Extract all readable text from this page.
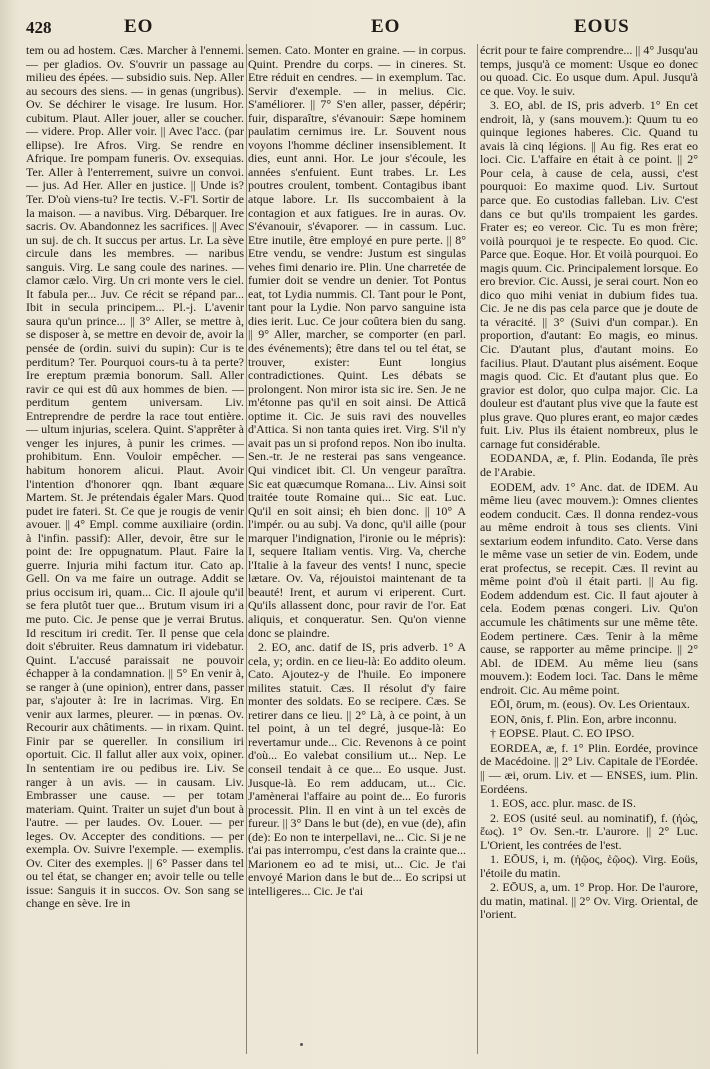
428	EO	EO	EOUS

tem ou ad hostem. Cæs. Marcher à l'ennemi. — per gladios. Ov. S'ouvrir un passage au milieu des épées. — subsidio suis. Nep. Aller au secours des siens. — in genas (ungribus). Ov. Se déchirer le visage. Ire lusum. Hor. cubitum. Plaut. Aller jouer, aller se coucher. — videre. Prop. Aller voir. || Avec l'acc. (par ellipse). Ire Afros. Virg. Se rendre en Afrique. Ire pompam funeris. Ov. exsequias. Ter. Aller à l'enterrement, suivre un convoi. — jus. Ad Her. Aller en justice. || Unde is? Ter. D'où viens-tu? Ire tectis. V.-F'l. Sortir de la maison. — a navibus. Virg. Débarquer. Ire sacris. Ov. Abandonnez les sacrifices. || Avec un suj. de ch. It succus per artus. Lr. La sève circule dans les membres. — naribus sanguis. Virg. Le sang coule des narines. — clamor cælo. Virg. Un cri monte vers le ciel. It fabula per... Juv. Ce récit se répand par... Ibit in secula principem... Pl.-j. L'avenir saura qu'un prince... || 3° Aller, se mettre à, se disposer à, se mettre en devoir de, avoir la pensée de (ordin. suivi du supin): Cur is te perditum? Ter. Pourquoi cours-tu à ta perte? Ire ereptum præmia bonorum. Sall. Aller ravir ce qui est dû aux hommes de bien. — perditum gentem universam. Liv. Entreprendre de perdre la race tout entière. — ultum injurias, scelera. Quint. S'apprêter à venger les injures, à punir les crimes. — prohibitum. Enn. Vouloir empêcher. — habitum honorem alicui. Plaut. Avoir l'intention d'honorer qqn. Ibant æquare Martem. St. Je prétendais égaler Mars. Quod pudet ire fateri. St. Ce que je rougis de venir avouer. || 4° Empl. comme auxiliaire (ordin. à l'infin. passif): Aller, devoir, être sur le point de: Ire oppugnatum. Plaut. Faire la guerre. Injuria mihi factum itur. Cato ap. Gell. On va me faire un outrage. Addit se prius occisum iri, quam... Cic. Il ajoule qu'il se fera plutôt tuer que... Brutum visum iri a me puto. Cic. Je pense que je verrai Brutus. Id rescitum iri credit. Ter. Il pense que cela doit s'ébruiter. Reus damnatum iri videbatur. Quint. L'accusé paraissait ne pouvoir échapper à la condamnation. || 5° En venir à, se ranger à (une opinion), entrer dans, passer par, s'ajouter à: Ire in lacrimas. Virg. En venir aux larmes, pleurer. — in pœnas. Ov. Recourir aux châtiments. — in rixam. Quint. Finir par se quereller. In consilium iri oportuit. Cic. Il fallut aller aux voix, opiner. In sententiam ire ou pedibus ire. Liv. Se ranger à un avis. — in causam. Liv. Embrasser une cause. — per totam materiam. Quint. Traiter un sujet d'un bout à l'autre. — per laudes. Ov. Louer. — per leges. Ov. Accepter des conditions. — per exempla. Ov. Suivre l'exemple. — exemplis. Ov. Citer des exemples. || 6° Passer dans tel ou tel état, se changer en; avoir telle ou telle issue: Sanguis it in succos. Ov. Son sang se change en sève. Ire in

semen. Cato. Monter en graine. — in corpus. Quint. Prendre du corps. — in cineres. St. Etre réduit en cendres. — in exemplum. Tac. Servir d'exemple. — in melius. Cic. S'améliorer. || 7° S'en aller, passer, dépérir; fuir, disparaître, s'évanouir: Sæpe hominem paulatim cernimus ire. Lr. Souvent nous voyons l'homme décliner insensiblement. It dies, eunt anni. Hor. Le jour s'écoule, les années s'enfuient. Eunt trabes. Lr. Les poutres croulent, tombent. Contagibus ibant atque labore. Lr. Ils succombaient à la contagion et aux fatigues. Ire in auras. Ov. S'évanouir, s'évaporer. — in cassum. Luc. Etre inutile, être employé en pure perte. || 8° Etre vendu, se vendre: Justum est singulas vehes fimi denario ire. Plin. Une charretée de fumier doit se vendre un denier. Tot Pontus eat, tot Lydia nummis. Cl. Tant pour le Pont, tant pour la Lydie. Non parvo sanguine ista dies ierit. Luc. Ce jour coûtera bien du sang. || 9° Aller, marcher, se comporter (en parl. des événements); être dans tel ou tel état, se trouver, exister: Eunt longius contradictiones. Quint. Les débats se prolongent. Non miror ista sic ire. Sen. Je ne m'étonne pas qu'il en soit ainsi. De Atticâ optime it. Cic. Je suis ravi des nouvelles d'Attica. Si non tanta quies iret. Virg. S'il n'y avait pas un si profond repos. Non ibo inulta. Sen.-tr. Je ne resterai pas sans vengeance. Qui vindicet ibit. Cl. Un vengeur paraîtra. Sic eat quæcumque Romana... Liv. Ainsi soit traitée toute Romaine qui... Sic eat. Luc. Qu'il en soit ainsi; eh bien donc. || 10° A l'impér. ou au subj. Va donc, qu'il aille (pour marquer l'indignation, l'ironie ou le mépris): I, sequere Italiam ventis. Virg. Va, cherche l'Italie à la faveur des vents! I nunc, specie lætare. Ov. Va, réjouistoi maintenant de ta beauté! Irent, et aurum vi eriperent. Curt. Qu'ils allassent donc, pour ravir de l'or. Eat aliquis, et conqueratur. Sen. Qu'on vienne donc se plaindre.

2. EO, anc. datif de IS, pris adverb. 1° A cela, y; ordin. en ce lieu-là: Eo addito oleum. Cato. Ajoutez-y de l'huile. Eo imponere milites statuit. Cæs. Il résolut d'y faire monter des soldats. Eo se recipere. Cæs. Se retirer dans ce lieu. || 2° Là, à ce point, à un tel point, à un tel degré, jusque-là: Eo revertamur unde... Cic. Revenons à ce point d'où... Eo valebat consilium ut... Nep. Le conseil tendait à ce que... Eo usque. Just. Jusque-là. Eo rem adducam, ut... Cic. J'amènerai l'affaire au point de... Eo furoris processit. Plin. Il en vint à un tel excès de fureur. || 3° Dans le but (de), en vue (de), afin (de): Eo non te interpellavi, ne... Cic. Si je ne t'ai pas interrompu, c'est dans la crainte que... Marionem eo ad te misi, ut... Cic. Je t'ai envoyé Marion dans le but de... Eo scripsi ut intelligeres... Cic. Je t'ai

écrit pour te faire comprendre... || 4° Jusqu'au temps, jusqu'à ce moment: Usque eo donec ou quoad. Cic. Eo usque dum. Apul. Jusqu'à ce que. Voy. le suiv.

3. EO, abl. de IS, pris adverb. 1° En cet endroit, là, y (sans mouvem.): Quum tu eo quinque legiones haberes. Cic. Quand tu avais là cinq légions. || Au fig. Res erat eo loci. Cic. L'affaire en était à ce point. || 2° Pour cela, à cause de cela, aussi, c'est pourquoi: Eo maxime quod. Liv. Surtout parce que. Eo custodias falleban. Liv. C'est dans ce but qu'ils trompaient les gardes. Frater es; eo vereor. Cic. Tu es mon frère; voilà pourquoi je te respecte. Eo quod. Cic. Parce que. Eoque. Hor. Et voilà pourquoi. Eo magis quum. Cic. Principalement lorsque. Eo ero brevior. Cic. Aussi, je serai court. Non eo dico quo mihi veniat in dubium fides tua. Cic. Je ne dis pas cela parce que je doute de ta véracité. || 3° (Suivi d'un compar.). En proportion, d'autant: Eo magis, eo minus. Cic. D'autant plus, d'autant moins. Eo facilius. Plaut. D'autant plus aisément. Eoque magis quod. Cic. Et d'autant plus que. Eo gravior est dolor, quo culpa major. Cic. La douleur est d'autant plus vive que la faute est plus grave. Quo plures erant, eo major cædes fuit. Liv. Plus ils étaient nombreux, plus le carnage fut considérable.

EODANDA, æ, f. Plin. Eodanda, île près de l'Arabie.

EODEM, adv. 1° Anc. dat. de IDEM. Au même lieu (avec mouvem.): Omnes clientes eodem conducit. Cæs. Il donna rendez-vous au même endroit à tous ses clients. Vini sextarium eodem infundito. Cato. Verse dans le même vase un setier de vin. Eodem, unde erat profectus, se recepit. Cæs. Il revint au même point d'où il était parti. || Au fig. Eodem addendum est. Cic. Il faut ajouter à cela. Eodem pœnas congeri. Liv. Qu'on accumule les châtiments sur une même tête. Eodem pertinere. Cæs. Tenir à la même cause, se rapporter au même principe. || 2° Abl. de IDEM. Au même lieu (sans mouvem.): Eodem loci. Tac. Dans le même endroit. Cic. Au même point.

EŌI, ōrum, m. (eous). Ov. Les Orientaux.

EON, ōnis, f. Plin. Eon, arbre inconnu.

† EOPSE. Plaut. C. EO IPSO.

EORDEA, æ, f. 1° Plin. Eordée, province de Macédoine. || 2° Liv. Capitale de l'Eordée. || — æi, orum. Liv. et — ENSES, ium. Plin. Eordéens.

1. EOS, acc. plur. masc. de IS.

2. EOS (usité seul. au nominatif), f. (ἠώς, ἕως). 1° Ov. Sen.-tr. L'aurore. || 2° Luc. L'Orient, les contrées de l'est.

1. EŌUS, i, m. (ἠῷος, ἑῷος). Virg. Eoüs, l'étoile du matin.

2. EŌUS, a, um. 1° Prop. Hor. De l'aurore, du matin, matinal. || 2° Ov. Virg. Oriental, de l'orient.
